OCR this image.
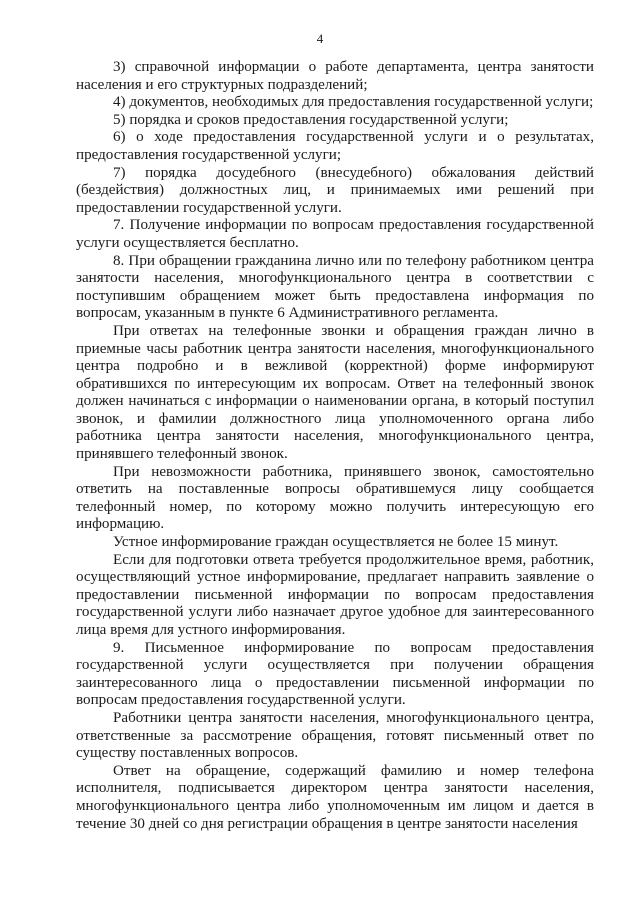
4

3) справочной информации о работе департамента, центра занятости населения и его структурных подразделений;

4) документов, необходимых для предоставления государственной услуги;

5) порядка и сроков предоставления государственной услуги;

6) о ходе предоставления государственной услуги и о результатах, предоставления государственной услуги;

7) порядка досудебного (внесудебного) обжалования действий (бездействия) должностных лиц, и принимаемых ими решений при предоставлении государственной услуги.

7. Получение информации по вопросам предоставления государственной услуги осуществляется бесплатно.

8. При обращении гражданина лично или по телефону работником центра занятости населения, многофункционального центра в соответствии с поступившим обращением может быть предоставлена информация по вопросам, указанным в пункте 6 Административного регламента.

При ответах на телефонные звонки и обращения граждан лично в приемные часы работник центра занятости населения, многофункционального центра подробно и в вежливой (корректной) форме информируют обратившихся по интересующим их вопросам. Ответ на телефонный звонок должен начинаться с информации о наименовании органа, в который поступил звонок, и фамилии должностного лица уполномоченного органа либо работника центра занятости населения, многофункционального центра, принявшего телефонный звонок.

При невозможности работника, принявшего звонок, самостоятельно ответить на поставленные вопросы обратившемуся лицу сообщается телефонный номер, по которому можно получить интересующую его информацию.

Устное информирование граждан осуществляется не более 15 минут.

Если для подготовки ответа требуется продолжительное время, работник, осуществляющий устное информирование, предлагает направить заявление о предоставлении письменной информации по вопросам предоставления государственной услуги либо назначает другое удобное для заинтересованного лица время для устного информирования.

9. Письменное информирование по вопросам предоставления государственной услуги осуществляется при получении обращения заинтересованного лица о предоставлении письменной информации по вопросам предоставления государственной услуги.

Работники центра занятости населения, многофункционального центра, ответственные за рассмотрение обращения, готовят письменный ответ по существу поставленных вопросов.

Ответ на обращение, содержащий фамилию и номер телефона исполнителя, подписывается директором центра занятости населения, многофункционального центра либо уполномоченным им лицом и дается в течение 30 дней со дня регистрации обращения в центре занятости населения
